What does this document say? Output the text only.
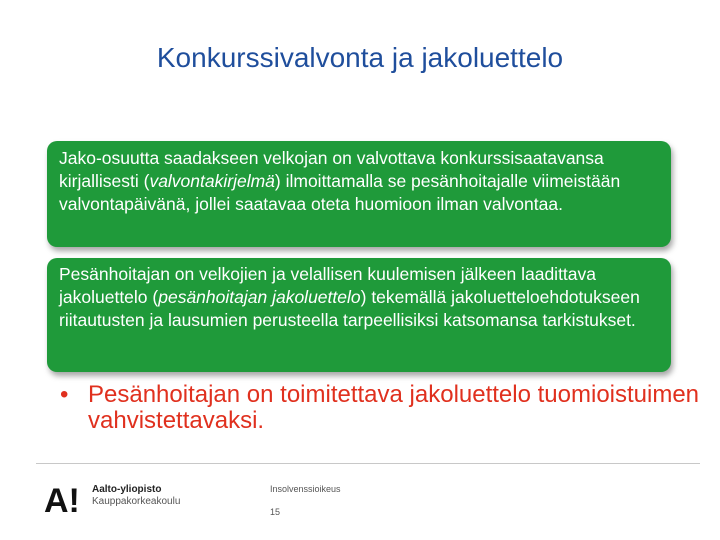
Konkurssivalvonta ja jakoluettelo
Jako-osuutta saadakseen velkojan on valvottava konkurssisaatavansa kirjallisesti (valvontakirjelmä) ilmoittamalla se pesänhoitajalle viimeistään valvontapäivänä, jollei saatavaa oteta huomioon ilman valvontaa.
Pesänhoitajan on velkojien ja velallisen kuulemisen jälkeen laadittava jakoluettelo (pesänhoitajan jakoluettelo) tekemällä jakoluetteloehdotukseen riitautusten ja lausumien perusteella tarpeellisiksi katsomansa tarkistukset.
• Pesänhoitajan on toimitettava jakoluettelo tuomioistuimen vahvistettavaksi.
A! Aalto-yliopisto
Kauppakorkeakoulu
Insolvenssioikeus
15
